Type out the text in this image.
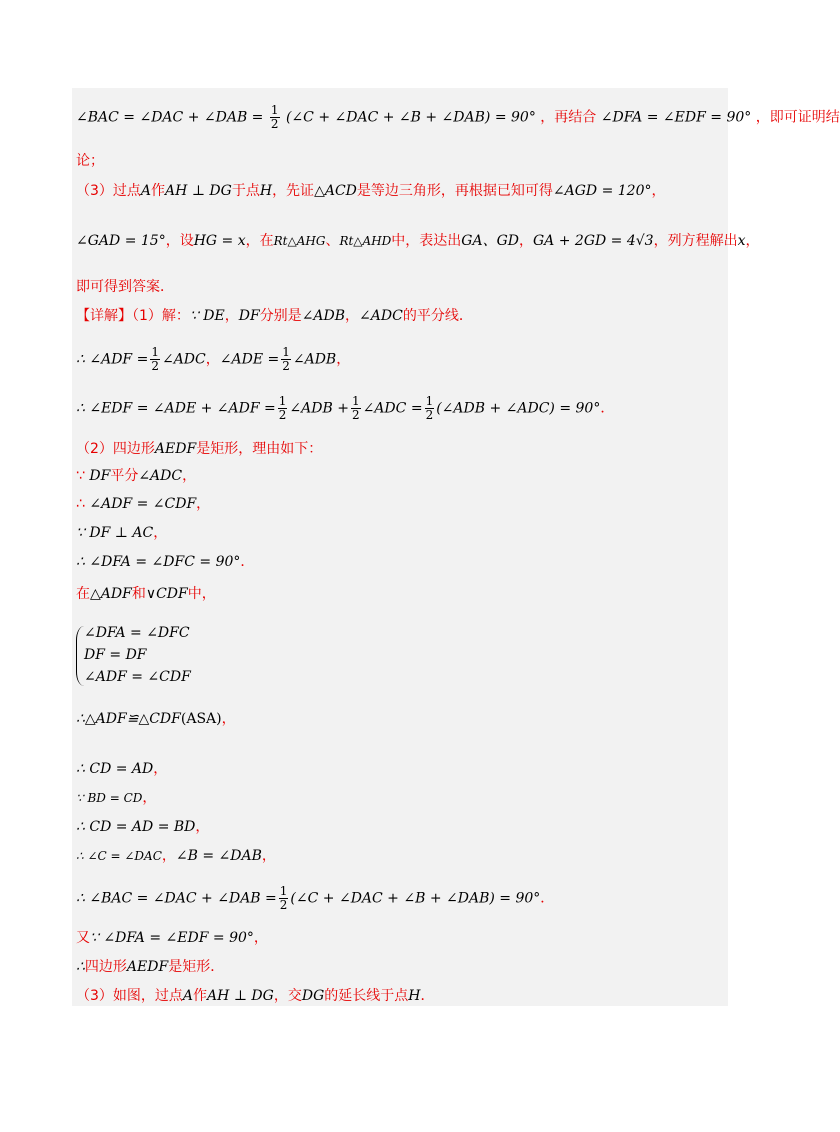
∠BAC = ∠DAC + ∠DAB = $\frac{1}{2}$ (∠C + ∠DAC + ∠B + ∠DAB) = 90° ，再结合 ∠DFA = ∠EDF = 90° ，即可证明结
论；
（3）过点A作AH ⊥ DG于点H，先证△ACD是等边三角形，再根据已知可得∠AGD = 120°，
∠GAD = 15°，设HG = x，在Rt△AHG、Rt△AHD中，表达出GA、GD，GA + 2GD = 4√3，列方程解出x，
即可得到答案．
【详解】（1）解：∵ DE，DF分别是∠ADB，∠ADC的平分线．
∴ ∠ADF = $\frac{1}{2}$ ∠ADC，∠ADE = $\frac{1}{2}$ ∠ADB，
∴ ∠EDF = ∠ADE + ∠ADF = $\frac{1}{2}$ ∠ADB + $\frac{1}{2}$ ∠ADC = $\frac{1}{2}$ (∠ADB + ∠ADC) = 90°．
（2）四边形AEDF是矩形，理由如下：
∵ DF平分∠ADC，
∴ ∠ADF = ∠CDF，
∵ DF ⊥ AC，
∴ ∠DFA = ∠DFC = 90°．
在△ADF和∨CDF中，
∠DFA = ∠DFC
DF = DF
∠ADF = ∠CDF
∴△ADF≌△CDF(ASA)，
∴ CD = AD，
∵ BD = CD，
∴ CD = AD = BD，
∴ ∠C = ∠DAC，∠B = ∠DAB，
∴ ∠BAC = ∠DAC + ∠DAB = $\frac{1}{2}$ (∠C + ∠DAC + ∠B + ∠DAB) = 90°．
又∵ ∠DFA = ∠EDF = 90°，
∴四边形AEDF是矩形．
（3）如图，过点A作AH ⊥ DG，交DG的延长线于点H．
